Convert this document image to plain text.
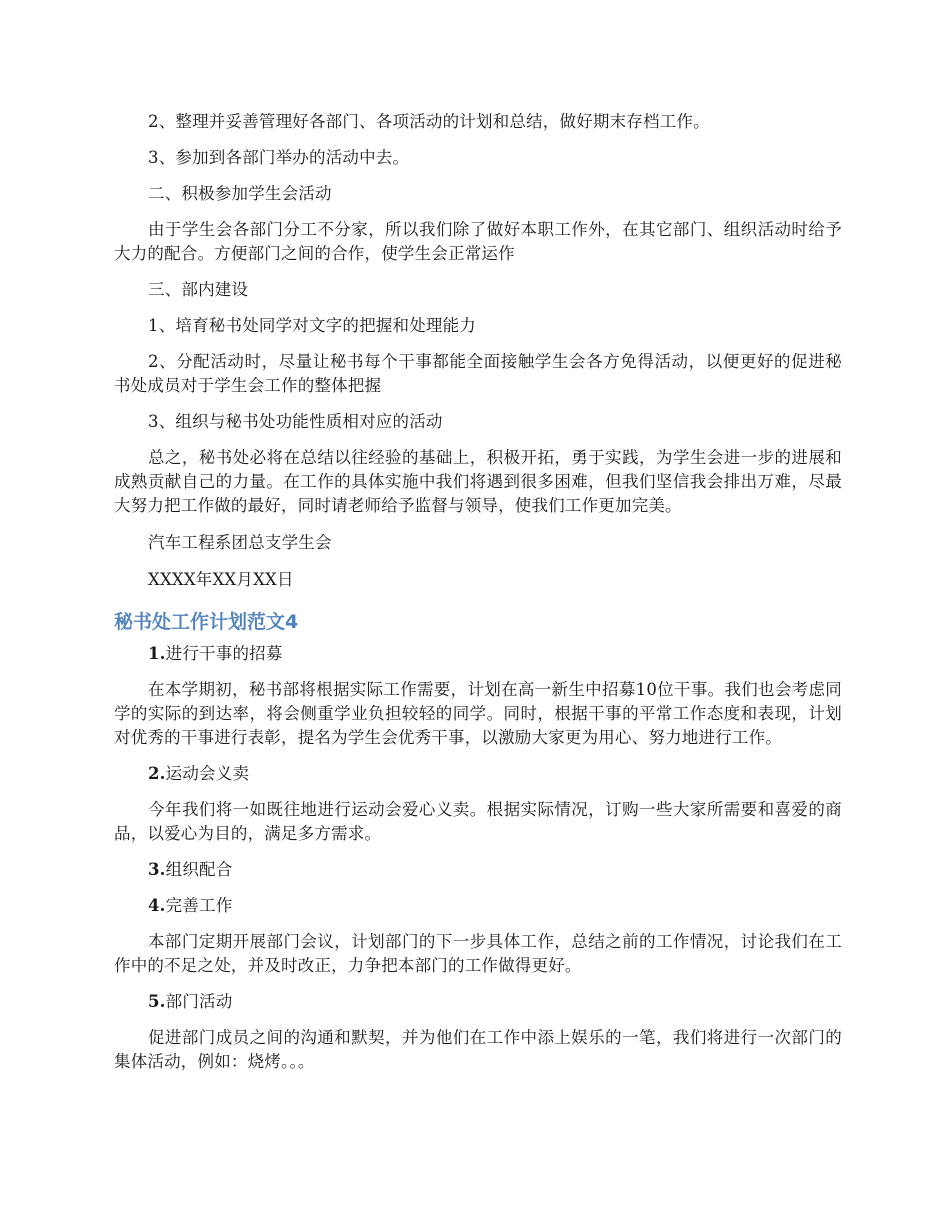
2、整理并妥善管理好各部门、各项活动的计划和总结，做好期末存档工作。

3、参加到各部门举办的活动中去。

二、积极参加学生会活动

由于学生会各部门分工不分家，所以我们除了做好本职工作外，在其它部门、组织活动时给予大力的配合。方便部门之间的合作，使学生会正常运作

三、部内建设

1、培育秘书处同学对文字的把握和处理能力

2、分配活动时，尽量让秘书每个干事都能全面接触学生会各方免得活动，以便更好的促进秘书处成员对于学生会工作的整体把握

3、组织与秘书处功能性质相对应的活动

总之，秘书处必将在总结以往经验的基础上，积极开拓，勇于实践，为学生会进一步的进展和成熟贡献自己的力量。在工作的具体实施中我们将遇到很多困难，但我们坚信我会排出万难，尽最大努力把工作做的最好，同时请老师给予监督与领导，使我们工作更加完美。

汽车工程系团总支学生会

XXXX年XX月XX日

秘书处工作计划范文4

1.进行干事的招募

在本学期初，秘书部将根据实际工作需要，计划在高一新生中招募10位干事。我们也会考虑同学的实际的到达率，将会侧重学业负担较轻的同学。同时，根据干事的平常工作态度和表现，计划对优秀的干事进行表彰，提名为学生会优秀干事，以激励大家更为用心、努力地进行工作。

2.运动会义卖

今年我们将一如既往地进行运动会爱心义卖。根据实际情况，订购一些大家所需要和喜爱的商品，以爱心为目的，满足多方需求。

3.组织配合

4.完善工作

本部门定期开展部门会议，计划部门的下一步具体工作，总结之前的工作情况，讨论我们在工作中的不足之处，并及时改正，力争把本部门的工作做得更好。

5.部门活动

促进部门成员之间的沟通和默契，并为他们在工作中添上娱乐的一笔，我们将进行一次部门的集体活动，例如：烧烤。。。
